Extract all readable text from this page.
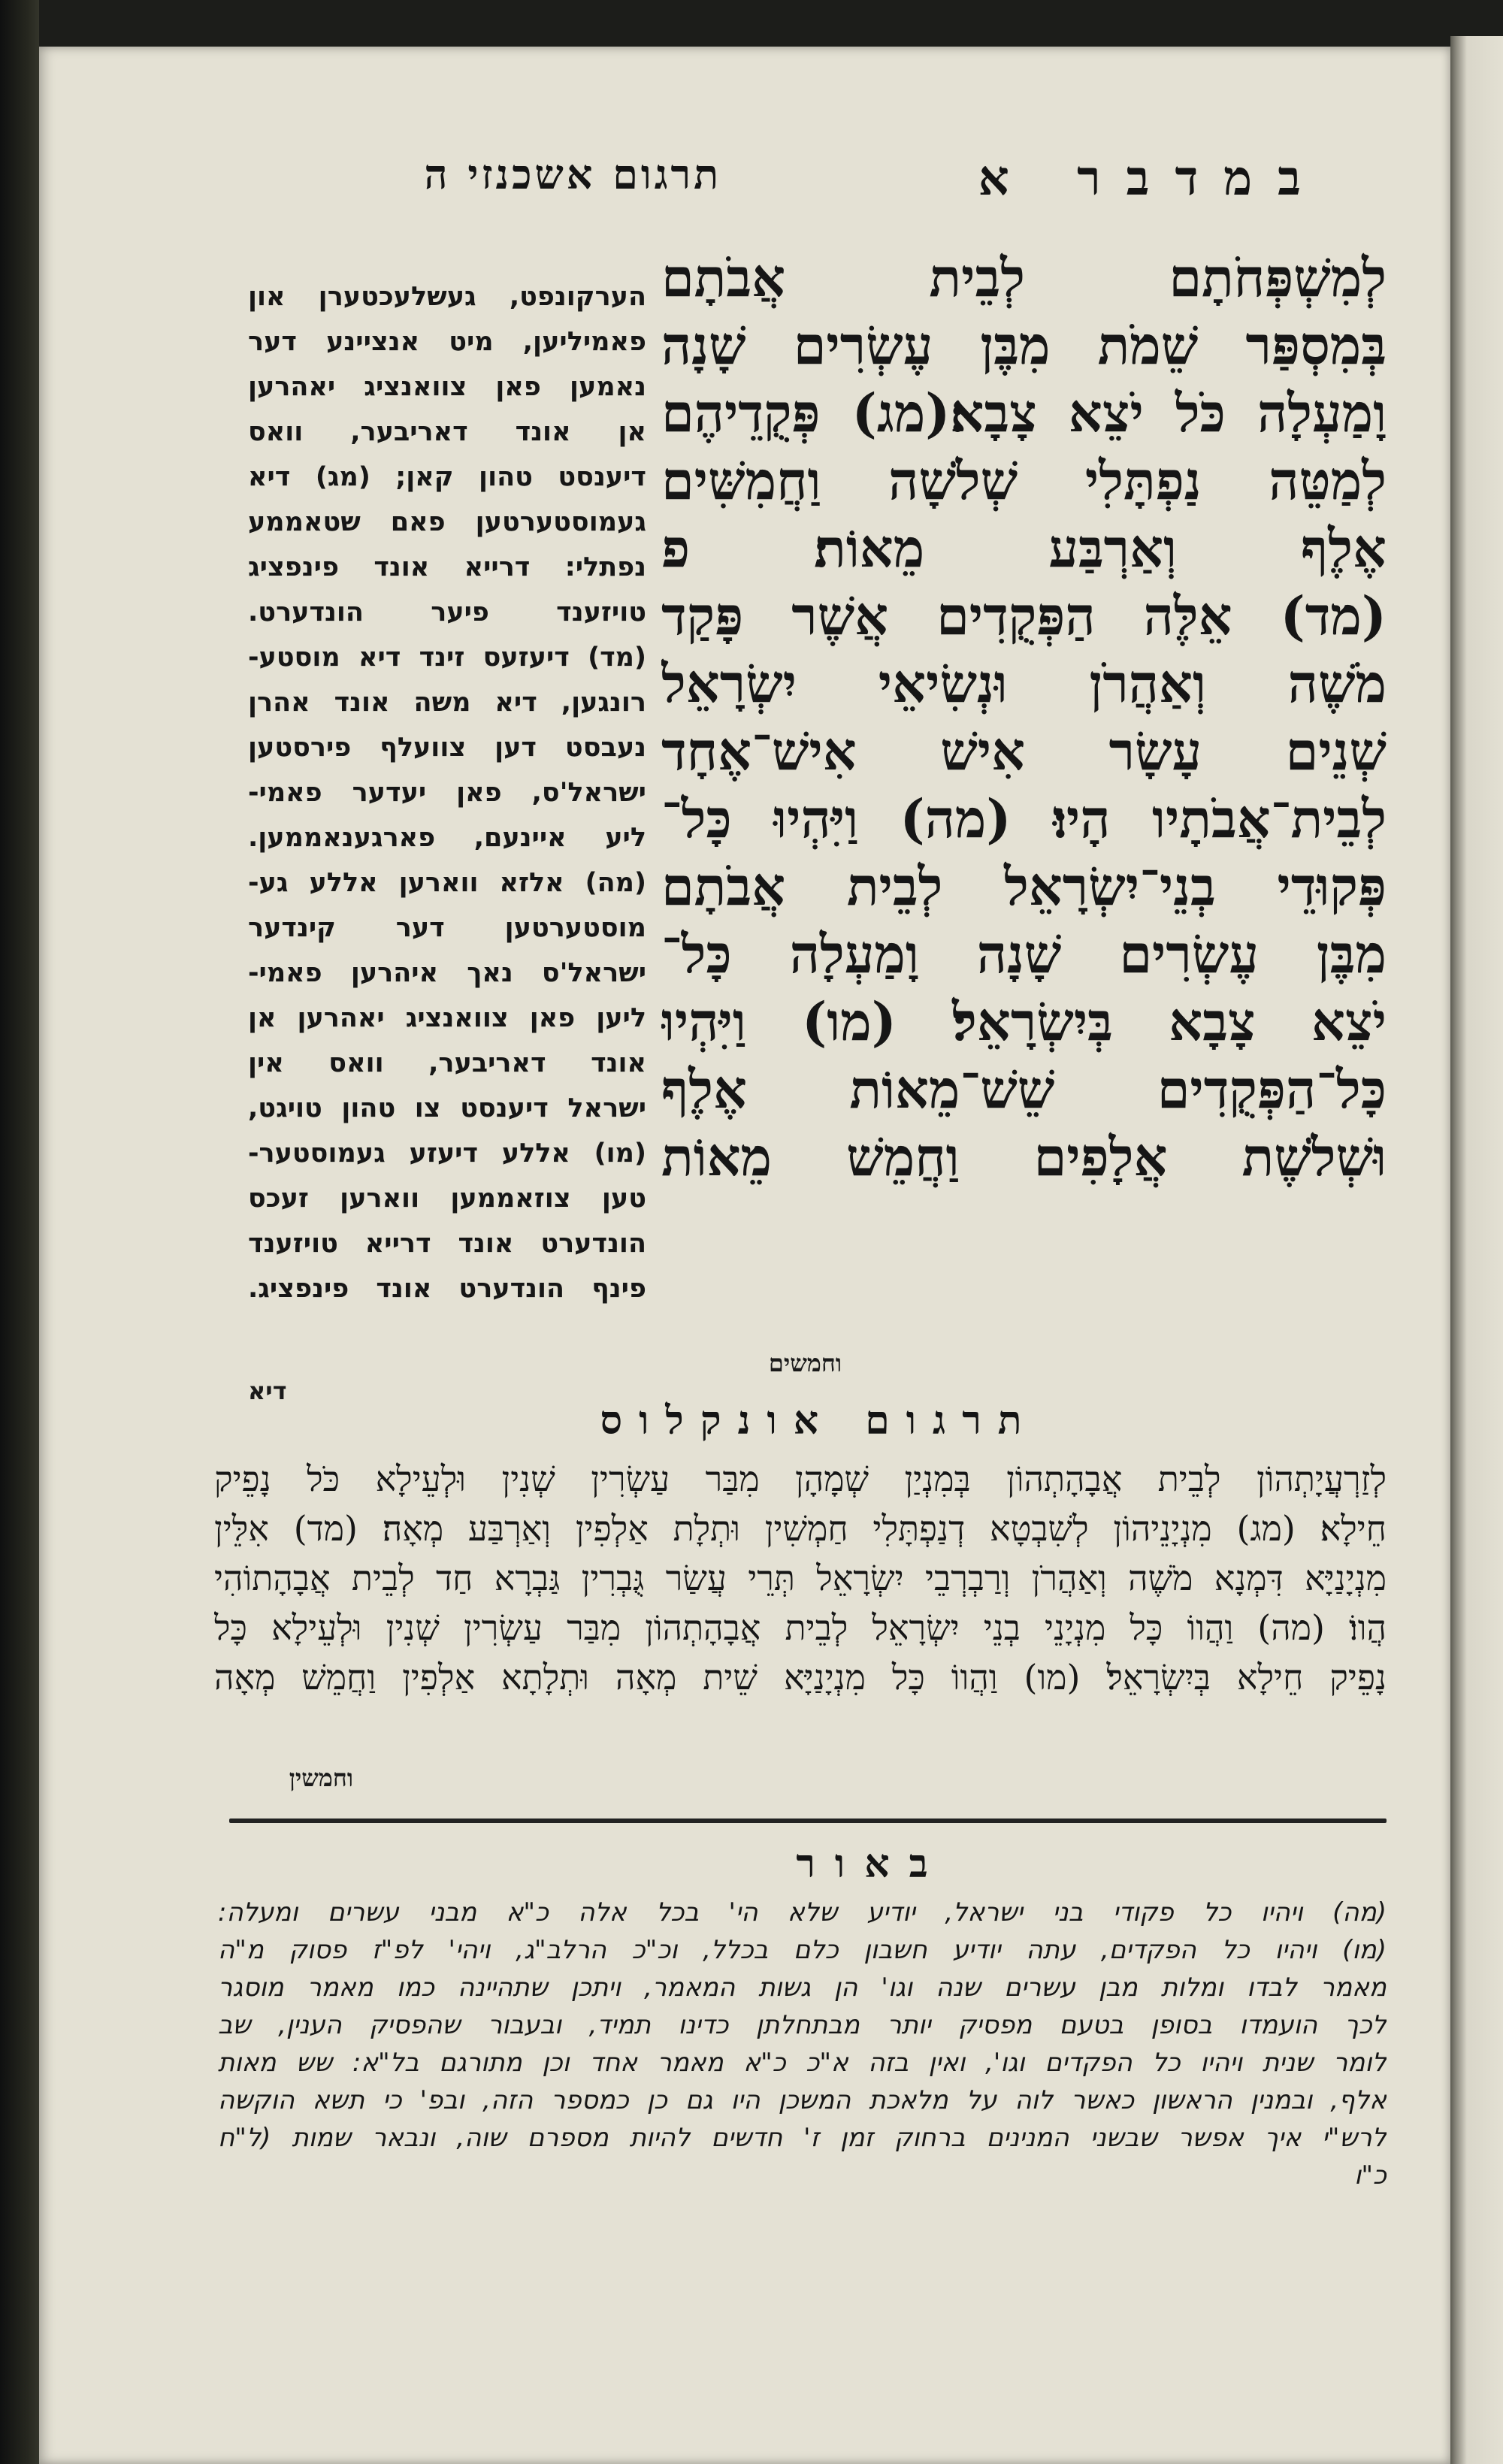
במדבר א
תרגום אשכנזי ה
לְמִשְׁפְּחֹתָם לְבֵית אֲבֹתָם
בְּמִסְפַּר שֵׁמֹת מִבֶּן עֶשְׂרִים שָׁנָה
וָמַעְלָה כֹּל יֹצֵא צָבָא׃(מג) פְּקֻדֵיהֶם
לְמַטֵּה נַפְתָּלִי שְׁלֹשָׁה וַחֲמִשִּׁים
אֶלֶף וְאַרְבַּע מֵאוֹת׃ פ
(מד) אֵלֶּה הַפְּקֻדִים אֲשֶׁר פָּקַד
מֹשֶׁה וְאַהֲרֹן וּנְשִׂיאֵי יִשְׂרָאֵל
שְׁנֵים עָשָׂר אִישׁ אִישׁ־אֶחָד
לְבֵית־אֲבֹתָיו הָיוּ׃ (מה) וַיִּהְיוּ כָּל־
פְּקוּדֵי בְנֵי־יִשְׂרָאֵל לְבֵית אֲבֹתָם
מִבֶּן עֶשְׂרִים שָׁנָה וָמַעְלָה כָּל־
יֹצֵא צָבָא בְּיִשְׂרָאֵל׃ (מו) וַיִּהְיוּ
כָּל־הַפְּקֻדִים שֵׁשׁ־מֵאוֹת אֶלֶף
וּשְׁלֹשֶׁת אֲלָפִים וַחֲמֵשׁ מֵאוֹת
וחמשים
הערקונפט, געשלעכטערן און
פאמיליען, מיט אנציינע דער
נאמען פאן צוואנציג יאהרען
אן אונד דאריבער, וואס
דיענסט טהון קאן; (מג) דיא
געמוסטערטען פאם שטאממע
נפתלי: דרייא אונד פינפציג
טויזענד פיער הונדערט.
(מד) דיעזעס זינד דיא מוסטע-
רונגען, דיא משה אונד אהרן
נעבסט דען צוועלף פירסטען
ישראל'ס, פאן יעדער פאמי-
ליע איינעם, פארגענאממען.
(מה) אלזא ווארען אללע גע-
מוסטערטען דער קינדער
ישראל'ס נאך איהרען פאמי-
ליען פאן צוואנציג יאהרען אן
אונד דאריבער, וואס אין
ישראל דיענסט צו טהון טויגט,
(מו) אללע דיעזע געמוסטער-
טען צוזאממען ווארען זעכס
הונדערט אונד דרייא טויזענד
פינף הונדערט אונד פינפציג.
דיא
תרגום אונקלוס
לְזַרְעֲיָתְהוֹן לְבֵית אֲבָהָתְהוֹן בְּמִנְיַן שְׁמָהָן מִבַּר עַשְׂרִין שְׁנִין וּלְעֵילָא כֹּל נָפֵיק
חֵילָא׃ (מג) מִנְיָנֵיהוֹן לְשִׁבְטָא דְנַפְתָּלִי חַמְשִׁין וּתְלָת אַלְפִין וְאַרְבַּע מְאָה׃ (מד) אִלֵּין
מִנְיָנַיָּא דִּמְנָא מֹשֶׁה וְאַהֲרֹן וְרַבְרְבֵי יִשְׂרָאֵל תְּרֵי עֲשַׂר גֻּבְרִין גַּבְרָא חַד לְבֵית אֲבָהָתוֹהִי
הֲווֹ׃ (מה) וַהֲווֹ כָּל מִנְיָנֵי בְנֵי יִשְׂרָאֵל לְבֵית אֲבָהָתְהוֹן מִבַּר עַשְׂרִין שְׁנִין וּלְעֵילָא כָּל
נָפֵיק חֵילָא בְּיִשְׂרָאֵל׃ (מו) וַהֲווֹ כָּל מִנְיָנַיָּא שֵׁית מְאָה וּתְלָתָא אַלְפִין וַחֲמֵשׁ מְאָה
וחמשין
באור
(מה) ויהיו כל פקודי בני ישראל, יודיע שלא הי' בכל אלה כ"א מבני עשרים ומעלה:
(מו) ויהיו כל הפקדים, עתה יודיע חשבון כלם בכלל, וכ"כ הרלב"ג, ויהי' לפ"ז פסוק מ"ה
מאמר לבדו ומלות מבן עשרים שנה וגו' הן גשות המאמר, ויתכן שתהיינה כמו מאמר מוסגר
לכך הועמדו בסופן בטעם מפסיק יותר מבתחלתן כדינו תמיד, ובעבור שהפסיק הענין, שב
לומר שנית ויהיו כל הפקדים וגו', ואין בזה א"כ כ"א מאמר אחד וכן מתורגם בל"א: שש מאות
אלף, ובמנין הראשון כאשר לוה על מלאכת המשכן היו גם כן כמספר הזה, ובפ' כי תשא הוקשה
לרש"י איך אפשר שבשני המנינים ברחוק זמן ז' חדשים להיות מספרם שוה, ונבאר שמות (ל"ח
כ"ו
